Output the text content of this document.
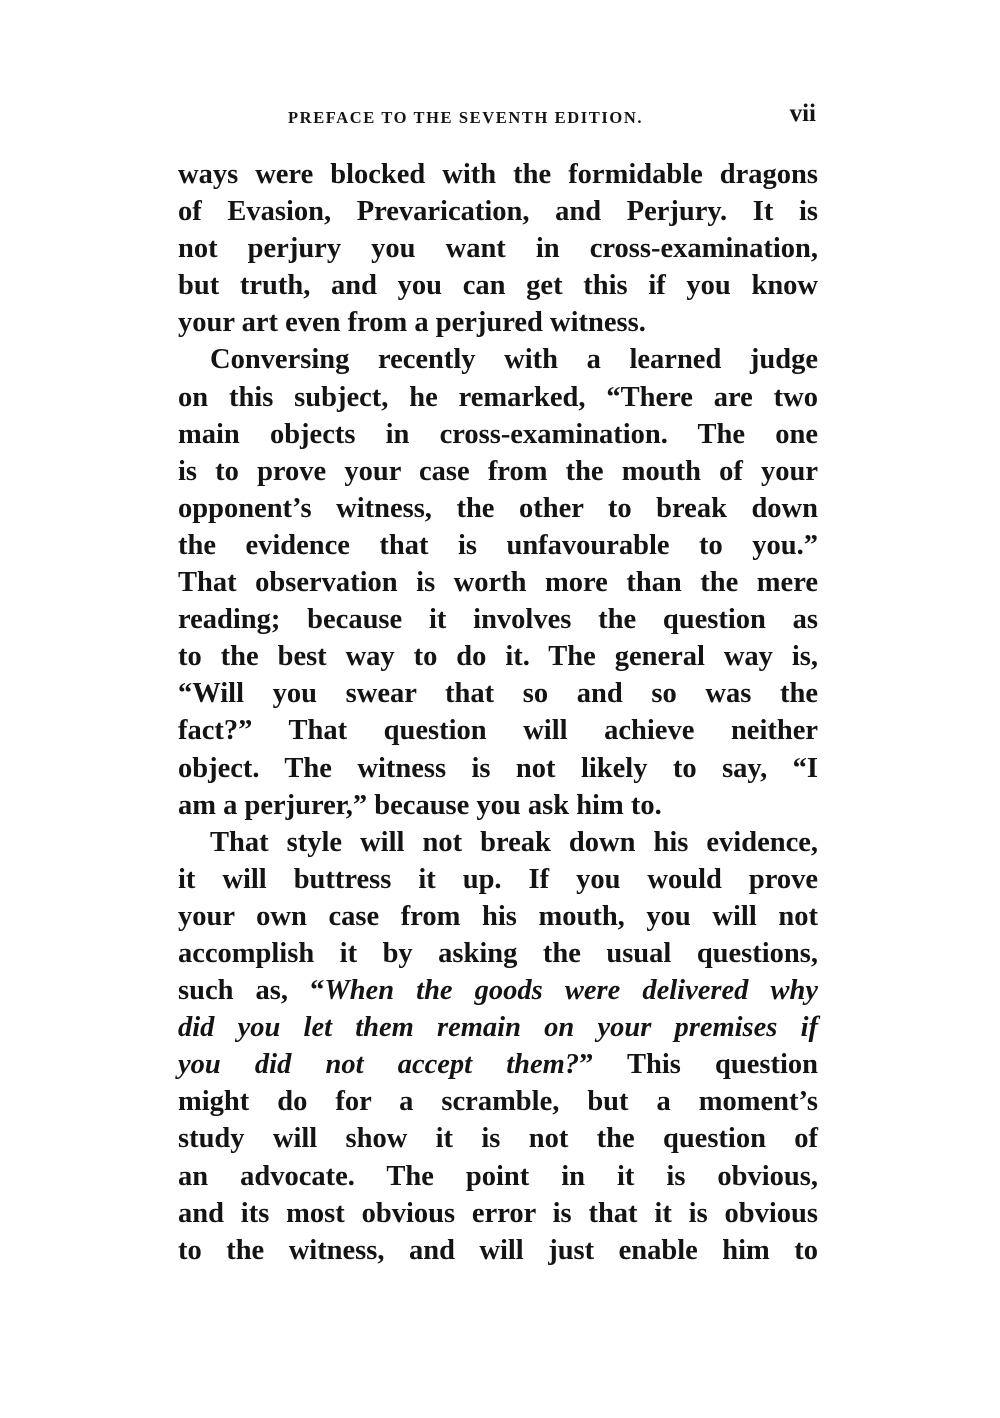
PREFACE TO THE SEVENTH EDITION.	vii
ways were blocked with the formidable dragons
of Evasion, Prevarication, and Perjury. It is
not perjury you want in cross-examination,
but truth, and you can get this if you know
your art even from a perjured witness.
Conversing recently with a learned judge
on this subject, he remarked, “There are two
main objects in cross-examination. The one
is to prove your case from the mouth of your
opponent’s witness, the other to break down
the evidence that is unfavourable to you.”
That observation is worth more than the mere
reading; because it involves the question as
to the best way to do it. The general way is,
“Will you swear that so and so was the
fact?” That question will achieve neither
object. The witness is not likely to say, “I
am a perjurer,” because you ask him to.
That style will not break down his evidence,
it will buttress it up. If you would prove
your own case from his mouth, you will not
accomplish it by asking the usual questions,
such as, “When the goods were delivered why
did you let them remain on your premises if
you did not accept them?” This question
might do for a scramble, but a moment’s
study will show it is not the question of
an advocate. The point in it is obvious,
and its most obvious error is that it is obvious
to the witness, and will just enable him to
